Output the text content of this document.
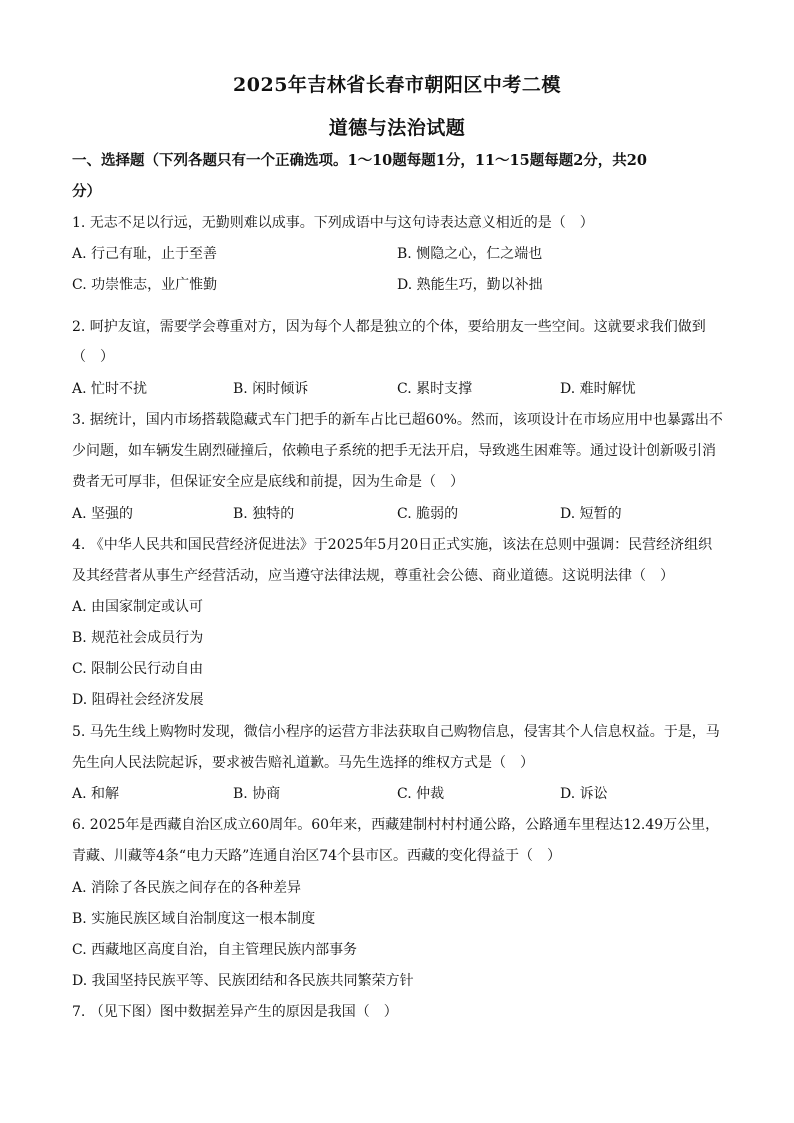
2025年吉林省长春市朝阳区中考二模
道德与法治试题
一、选择题（下列各题只有一个正确选项。1～10题每题1分，11～15题每题2分，共20
分）
1. 无志不足以行远，无勤则难以成事。下列成语中与这句诗表达意义相近的是（　）
A. 行己有耻，止于至善	B. 恻隐之心，仁之端也
C. 功崇惟志，业广惟勤	D. 熟能生巧，勤以补拙
2. 呵护友谊，需要学会尊重对方，因为每个人都是独立的个体，要给朋友一些空间。这就要求我们做到
（　）
A. 忙时不扰	B. 闲时倾诉	C. 累时支撑	D. 难时解忧
3. 据统计，国内市场搭载隐藏式车门把手的新车占比已超60%。然而，该项设计在市场应用中也暴露出不
少问题，如车辆发生剧烈碰撞后，依赖电子系统的把手无法开启，导致逃生困难等。通过设计创新吸引消
费者无可厚非，但保证安全应是底线和前提，因为生命是（　）
A. 坚强的	B. 独特的	C. 脆弱的	D. 短暂的
4. 《中华人民共和国民营经济促进法》于2025年5月20日正式实施，该法在总则中强调：民营经济组织
及其经营者从事生产经营活动，应当遵守法律法规，尊重社会公德、商业道德。这说明法律（　）
A. 由国家制定或认可
B. 规范社会成员行为
C. 限制公民行动自由
D. 阻碍社会经济发展
5. 马先生线上购物时发现，微信小程序的运营方非法获取自己购物信息，侵害其个人信息权益。于是，马
先生向人民法院起诉，要求被告赔礼道歉。马先生选择的维权方式是（　）
A. 和解	B. 协商	C. 仲裁	D. 诉讼
6. 2025年是西藏自治区成立60周年。60年来，西藏建制村村村通公路，公路通车里程达12.49万公里，
青藏、川藏等4条“电力天路”连通自治区74个县市区。西藏的变化得益于（　）
A. 消除了各民族之间存在的各种差异
B. 实施民族区域自治制度这一根本制度
C. 西藏地区高度自治，自主管理民族内部事务
D. 我国坚持民族平等、民族团结和各民族共同繁荣方针
7. （见下图）图中数据差异产生的原因是我国（　）
